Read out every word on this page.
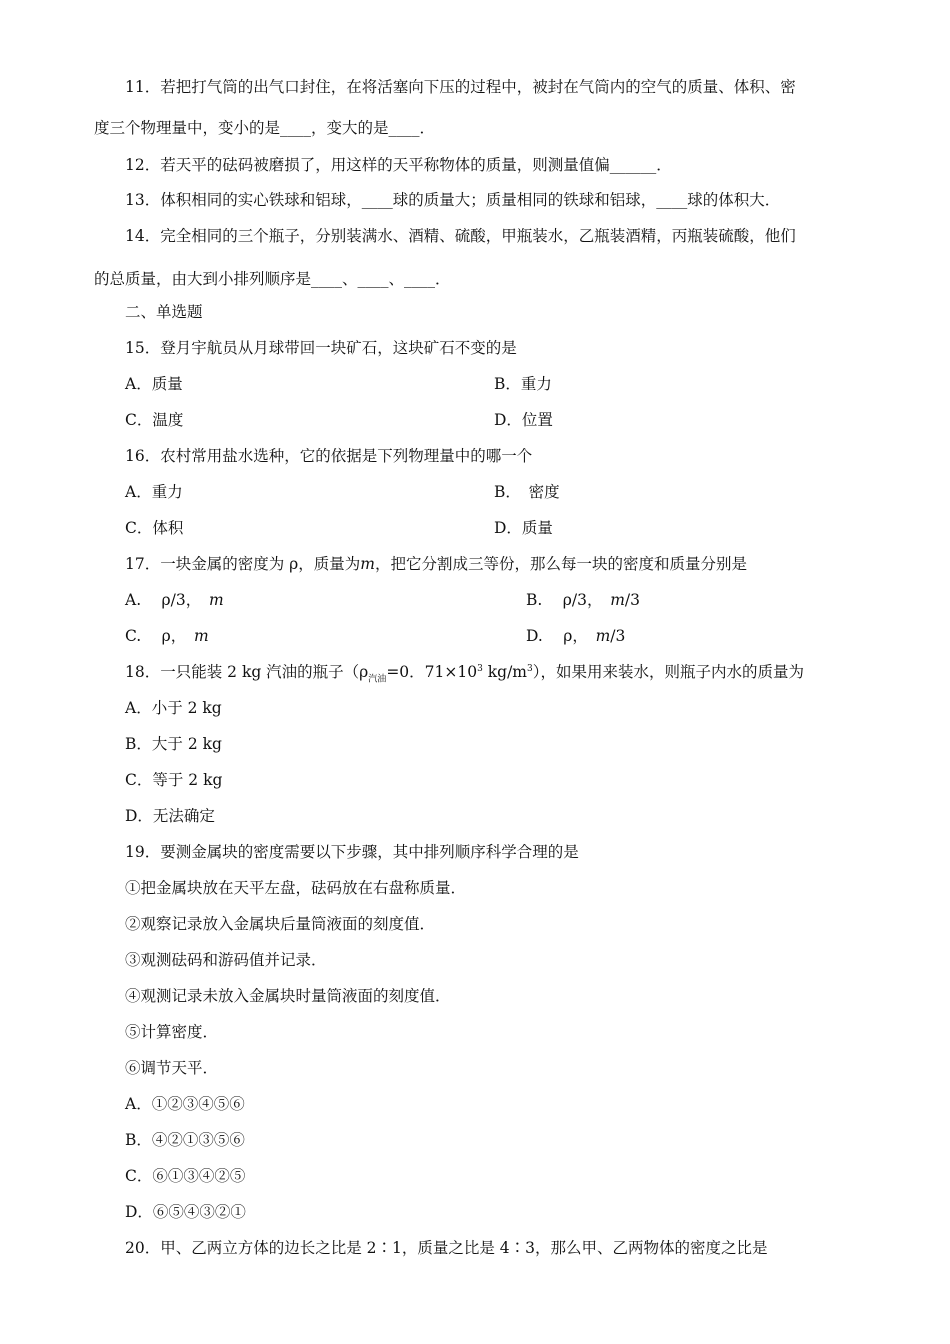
11．若把打气筒的出气口封住，在将活塞向下压的过程中，被封在气筒内的空气的质量、体积、密
度三个物理量中，变小的是____，变大的是____．
12．若天平的砝码被磨损了，用这样的天平称物体的质量，则测量值偏______．
13．体积相同的实心铁球和铝球，____球的质量大；质量相同的铁球和铝球，____球的体积大．
14．完全相同的三个瓶子，分别装满水、酒精、硫酸，甲瓶装水，乙瓶装酒精，丙瓶装硫酸，他们
的总质量，由大到小排列顺序是____、____、____．
二、单选题
15．登月宇航员从月球带回一块矿石，这块矿石不变的是
A．质量	B．重力
C．温度	D．位置
16．农村常用盐水选种，它的依据是下列物理量中的哪一个
A．重力	B．　密度
C．体积	D．质量
17．一块金属的密度为 ρ，质量为m，把它分割成三等份，那么每一块的密度和质量分别是
A.　 ρ/3，　m	B.　 ρ/3，　m/3
C.　 ρ，　m	D.　 ρ，　m/3
18．一只能装 2 kg 汽油的瓶子（$\rho_{汽油}=0$．$71\times 10^3$ $kg/m^3$），如果用来装水，则瓶子内水的质量为
A．小于 2 kg
B．大于 2 kg
C．等于 2 kg
D．无法确定
19．要测金属块的密度需要以下步骤，其中排列顺序科学合理的是
①把金属块放在天平左盘，砝码放在右盘称质量．
②观察记录放入金属块后量筒液面的刻度值．
③观测砝码和游码值并记录．
④观测记录未放入金属块时量筒液面的刻度值．
⑤计算密度．
⑥调节天平．
A．①②③④⑤⑥
B．④②①③⑤⑥
C．⑥①③④②⑤
D．⑥⑤④③②①
20．甲、乙两立方体的边长之比是 2∶1，质量之比是 4∶3，那么甲、乙两物体的密度之比是
